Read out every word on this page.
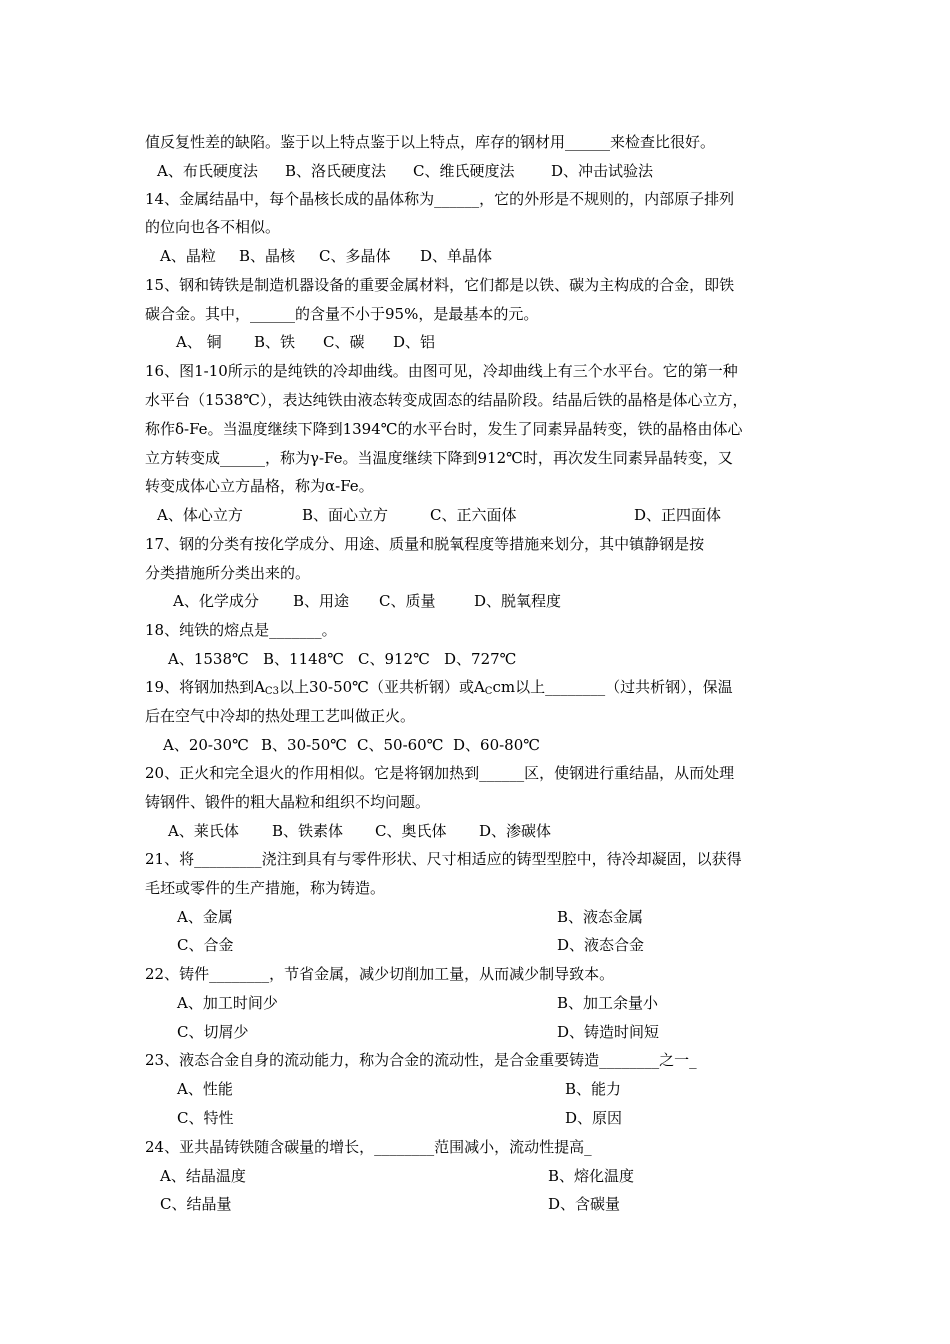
值反复性差的缺陷。鉴于以上特点鉴于以上特点，库存的钢材用______来检查比很好。
A、布氏硬度法 B、洛氏硬度法 C、维氏硬度法 D、冲击试验法
14、金属结晶中，每个晶核长成的晶体称为______，它的外形是不规则的，内部原子排列
的位向也各不相似。
A、晶粒 B、晶核 C、多晶体 D、单晶体
15、钢和铸铁是制造机器设备的重要金属材料，它们都是以铁、碳为主构成的合金，即铁
碳合金。其中，______的含量不小于95%，是最基本的元。
A、 铜 B、铁 C、碳 D、铝
16、图1-10所示的是纯铁的冷却曲线。由图可见，冷却曲线上有三个水平台。它的第一种
水平台（1538℃），表达纯铁由液态转变成固态的结晶阶段。结晶后铁的晶格是体心立方，
称作δ-Fe。当温度继续下降到1394℃的水平台时，发生了同素异晶转变，铁的晶格由体心
立方转变成______，称为γ-Fe。当温度继续下降到912℃时，再次发生同素异晶转变，又
转变成体心立方晶格，称为α-Fe。
A、体心立方	B、面心立方	C、正六面体	D、正四面体
17、钢的分类有按化学成分、用途、质量和脱氧程度等措施来划分，其中镇静钢是按
分类措施所分类出来的。
A、化学成分 B、用途 C、质量	D、脱氧程度
18、纯铁的熔点是_______。
A、1538℃ B、1148℃ C、912℃ D、727℃
19、将钢加热到$A_{C3}$以上30-50℃（亚共析钢）或$A_Ccm$以上________（过共析钢），保温
后在空气中冷却的热处理工艺叫做正火。
A、20-30℃ B、30-50℃ C、50-60℃ D、60-80℃
20、正火和完全退火的作用相似。它是将钢加热到______区，使钢进行重结晶，从而处理
铸钢件、锻件的粗大晶粒和组织不均问题。
A、莱氏体 B、铁素体 C、奥氏体 D、渗碳体
21、将_________浇注到具有与零件形状、尺寸相适应的铸型型腔中，待冷却凝固，以获得
毛坯或零件的生产措施，称为铸造。
A、金属	B、液态金属
C、合金	D、液态合金
22、铸件________，节省金属，减少切削加工量，从而减少制导致本。
A、加工时间少	B、加工余量小
C、切屑少	D、铸造时间短
23、液态合金自身的流动能力，称为合金的流动性，是合金重要铸造________之一_
A、性能	B、能力
C、特性	D、原因
24、亚共晶铸铁随含碳量的增长，________范围减小，流动性提高_
A、结晶温度	B、熔化温度
C、结晶量	D、含碳量
